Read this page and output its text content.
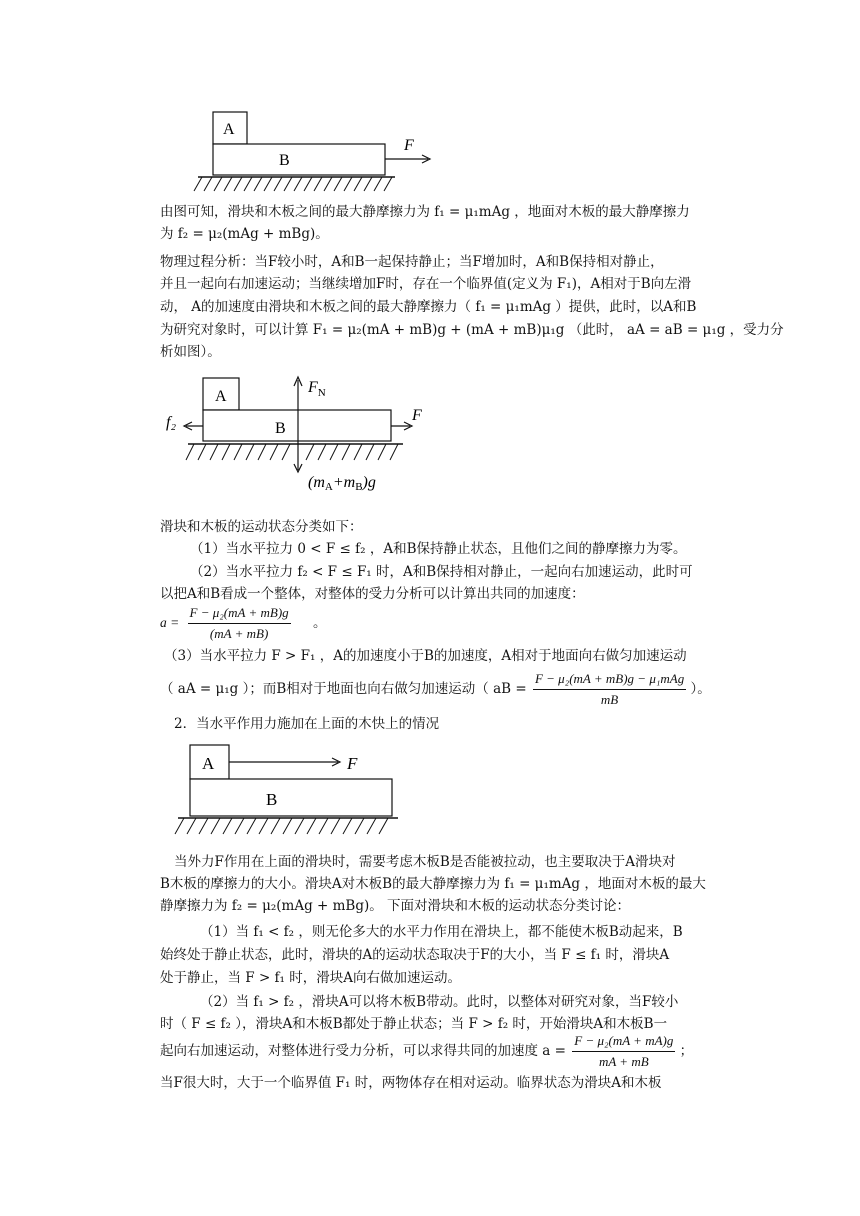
A
B
F
由图可知，滑块和木板之间的最大静摩擦力为 f₁ = μ₁mAg ，地面对木板的最大静摩擦力
为 f₂ = μ₂(mAg + mBg)。
物理过程分析：当F较小时，A和B一起保持静止；当F增加时，A和B保持相对静止，
并且一起向右加速运动；当继续增加F时，存在一个临界值(定义为 F₁)，A相对于B向左滑
动， A的加速度由滑块和木板之间的最大静摩擦力（ f₁ = μ₁mAg ）提供，此时，以A和B
为研究对象时，可以计算 F₁ = μ₂(mA + mB)g + (mA + mB)μ₁g （此时， aA = aB = μ₁g ，受力分
析如图）。
A
B
$F_N$
F
f₂
(mA+mB)g
滑块和木板的运动状态分类如下：
（1）当水平拉力 0 < F ≤ f₂ ，A和B保持静止状态，且他们之间的静摩擦力为零。
（2）当水平拉力 f₂ < F ≤ F₁ 时，A和B保持相对静止，一起向右加速运动，此时可
以把A和B看成一个整体，对整体的受力分析可以计算出共同的加速度：
$a = \frac{\text{F − μ₂(mA + mB)g}}{(mA + mB)}$ 。
（3）当水平拉力 F > F₁ ，A的加速度小于B的加速度，A相对于地面向右做匀加速运动
（ aA = μ₁g ）；而B相对于地面也向右做匀加速运动（ aB = $\frac{\text{F − μ₂(mA + mB)g − μ₁mAg}}{mB}$ ）。
2．当水平作用力施加在上面的木快上的情况
A	F
B
当外力F作用在上面的滑块时，需要考虑木板B是否能被拉动，也主要取决于A滑块对
B木板的摩擦力的大小。滑块A对木板B的最大静摩擦力为 f₁ = μ₁mAg ，地面对木板的最大
静摩擦力为 f₂ = μ₂(mAg + mBg)。 下面对滑块和木板的运动状态分类讨论：
（1）当 f₁ < f₂ ，则无伦多大的水平力作用在滑块上，都不能使木板B动起来，B
始终处于静止状态，此时，滑块的A的运动状态取决于F的大小，当 F ≤ f₁ 时，滑块A
处于静止，当 F > f₁ 时，滑块A向右做加速运动。
（2）当 f₁ > f₂ ，滑块A可以将木板B带动。此时，以整体对研究对象，当F较小
时（ F ≤ f₂ ），滑块A和木板B都处于静止状态；当 F > f₂ 时，开始滑块A和木板B一
起向右加速运动，对整体进行受力分析，可以求得共同的加速度 $a = \frac{\text{F − μ₂(mA + mA)g}}{mA + mB}$ ；
当F很大时，大于一个临界值 F₁ 时，两物体存在相对运动。临界状态为滑块A和木板
